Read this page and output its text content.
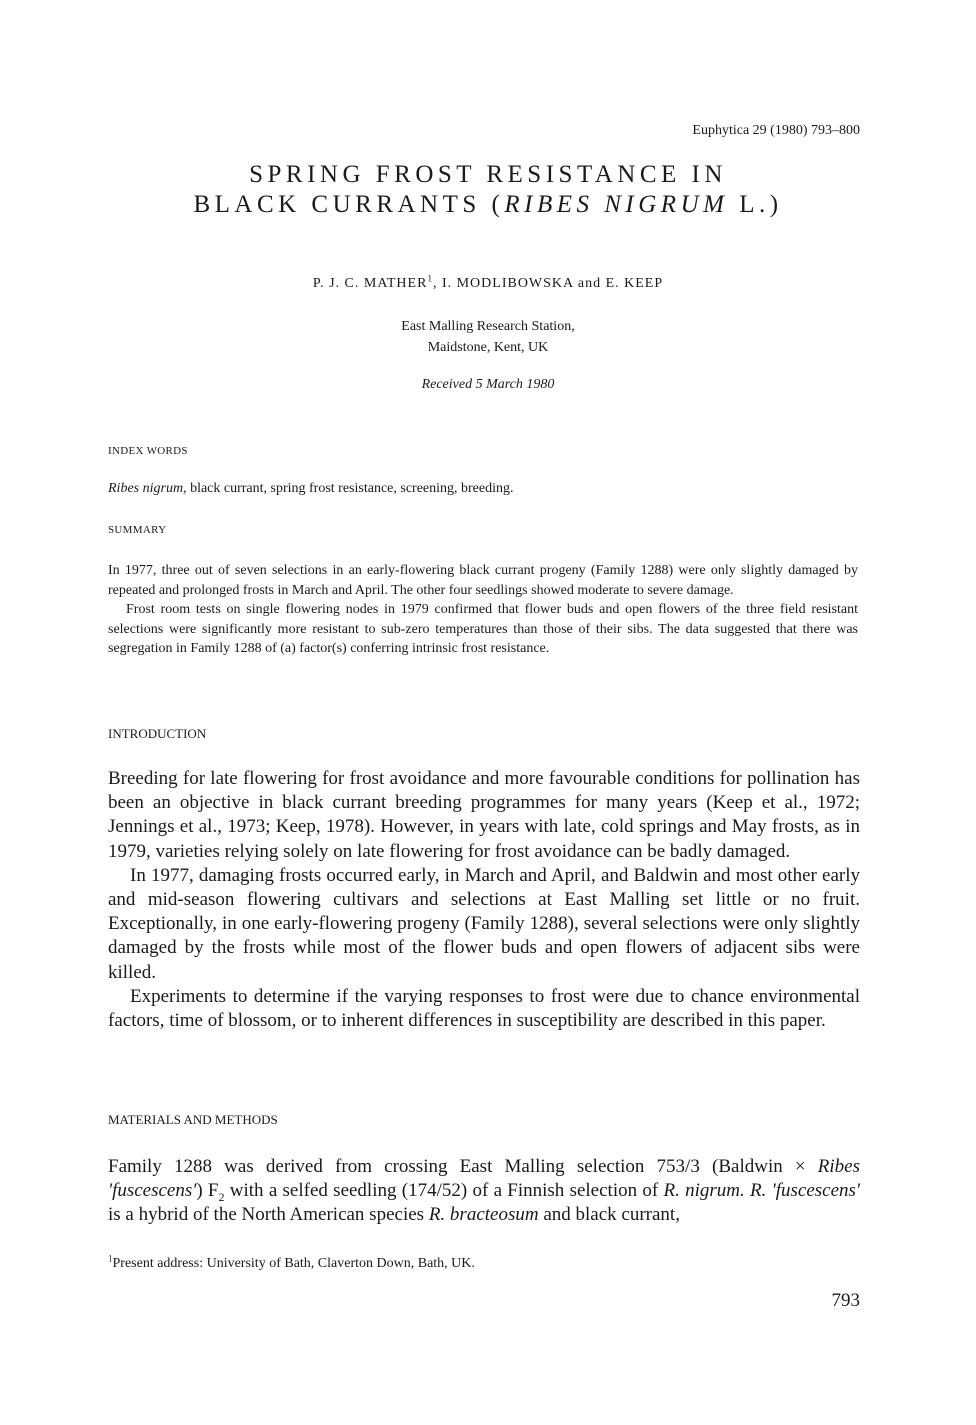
Euphytica 29 (1980) 793–800
SPRING FROST RESISTANCE IN
BLACK CURRANTS (RIBES NIGRUM L.)
P. J. C. MATHER$^1$, I. MODLIBOWSKA and E. KEEP
East Malling Research Station,
Maidstone, Kent, UK
Received 5 March 1980
INDEX WORDS
Ribes nigrum, black currant, spring frost resistance, screening, breeding.
SUMMARY

In 1977, three out of seven selections in an early-flowering black currant progeny (Family 1288) were only slightly damaged by repeated and prolonged frosts in March and April. The other four seedlings showed moderate to severe damage.

Frost room tests on single flowering nodes in 1979 confirmed that flower buds and open flowers of the three field resistant selections were significantly more resistant to sub-zero temperatures than those of their sibs. The data suggested that there was segregation in Family 1288 of (a) factor(s) conferring intrinsic frost resistance.

INTRODUCTION

Breeding for late flowering for frost avoidance and more favourable conditions for pollination has been an objective in black currant breeding programmes for many years (Keep et al., 1972; Jennings et al., 1973; Keep, 1978). However, in years with late, cold springs and May frosts, as in 1979, varieties relying solely on late flowering for frost avoidance can be badly damaged.

In 1977, damaging frosts occurred early, in March and April, and Baldwin and most other early and mid-season flowering cultivars and selections at East Malling set little or no fruit. Exceptionally, in one early-flowering progeny (Family 1288), several selections were only slightly damaged by the frosts while most of the flower buds and open flowers of adjacent sibs were killed.

Experiments to determine if the varying responses to frost were due to chance environmental factors, time of blossom, or to inherent differences in susceptibility are described in this paper.

MATERIALS AND METHODS

Family 1288 was derived from crossing East Malling selection 753/3 (Baldwin × Ribes 'fuscescens') $F_2$ with a selfed seedling (174/52) of a Finnish selection of R. nigrum. R. 'fuscescens' is a hybrid of the North American species R. bracteosum and black currant,

$^1$Present address: University of Bath, Claverton Down, Bath, UK.
793
